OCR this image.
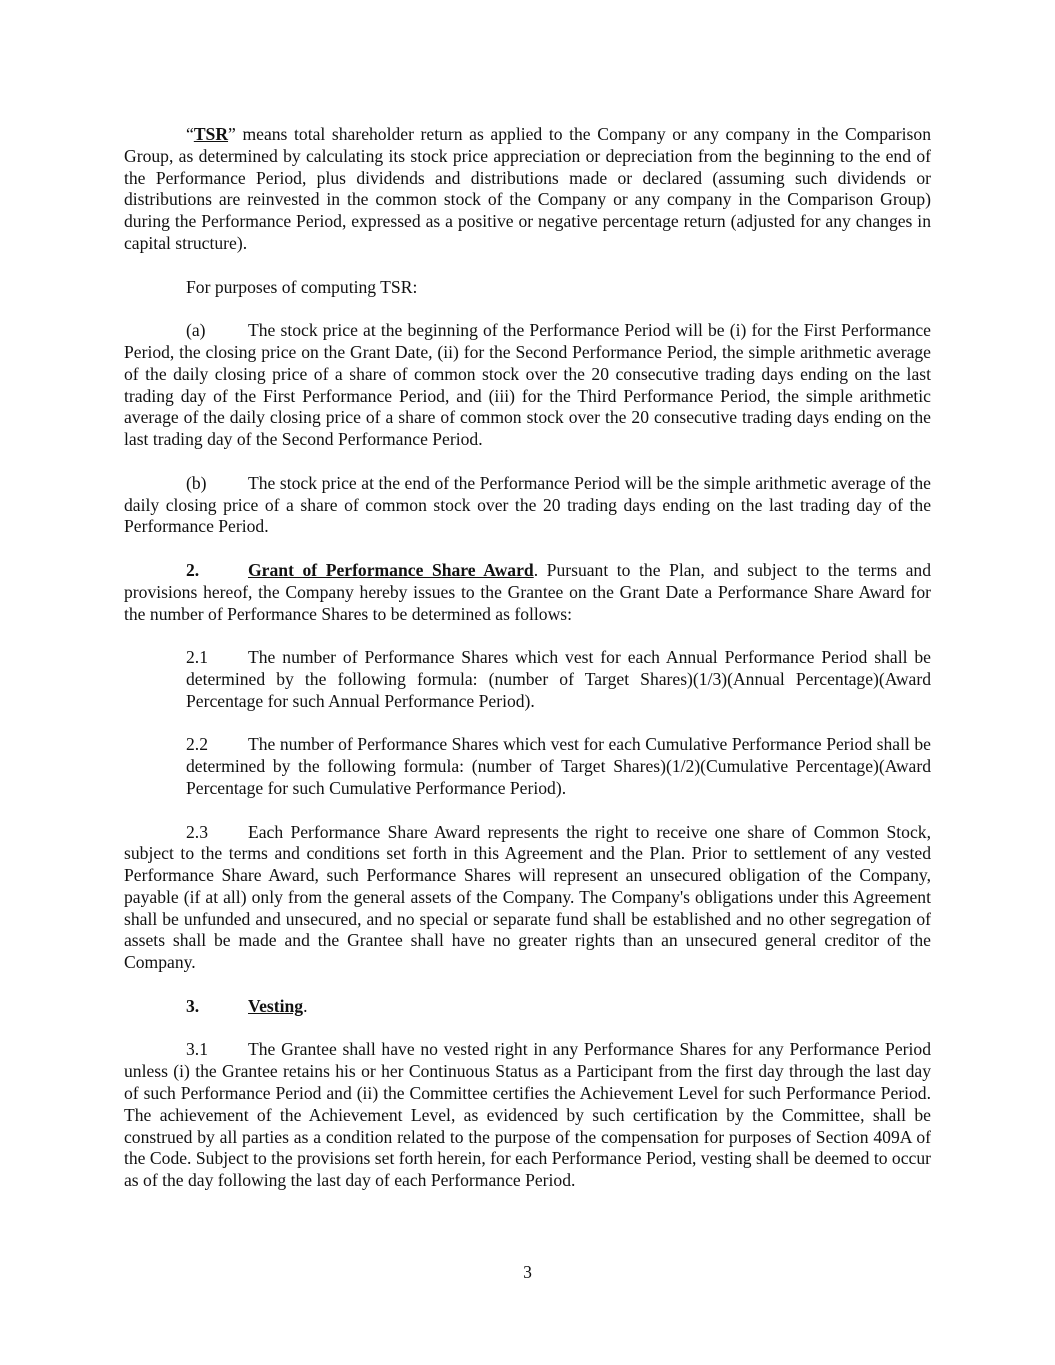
“TSR” means total shareholder return as applied to the Company or any company in the Comparison Group, as determined by calculating its stock price appreciation or depreciation from the beginning to the end of the Performance Period, plus dividends and distributions made or declared (assuming such dividends or distributions are reinvested in the common stock of the Company or any company in the Comparison Group) during the Performance Period, expressed as a positive or negative percentage return (adjusted for any changes in capital structure).

For purposes of computing TSR:

(a) The stock price at the beginning of the Performance Period will be (i) for the First Performance Period, the closing price on the Grant Date, (ii) for the Second Performance Period, the simple arithmetic average of the daily closing price of a share of common stock over the 20 consecutive trading days ending on the last trading day of the First Performance Period, and (iii) for the Third Performance Period, the simple arithmetic average of the daily closing price of a share of common stock over the 20 consecutive trading days ending on the last trading day of the Second Performance Period.

(b) The stock price at the end of the Performance Period will be the simple arithmetic average of the daily closing price of a share of common stock over the 20 trading days ending on the last trading day of the Performance Period.

2.	Grant of Performance Share Award. Pursuant to the Plan, and subject to the terms and provisions hereof, the Company hereby issues to the Grantee on the Grant Date a Performance Share Award for the number of Performance Shares to be determined as follows:

2.1 The number of Performance Shares which vest for each Annual Performance Period shall be determined by the following formula: (number of Target Shares)(1/3)(Annual Percentage)(Award Percentage for such Annual Performance Period).

2.2 The number of Performance Shares which vest for each Cumulative Performance Period shall be determined by the following formula: (number of Target Shares)(1/2)(Cumulative Percentage)(Award Percentage for such Cumulative Performance Period).

2.3 Each Performance Share Award represents the right to receive one share of Common Stock, subject to the terms and conditions set forth in this Agreement and the Plan. Prior to settlement of any vested Performance Share Award, such Performance Shares will represent an unsecured obligation of the Company, payable (if at all) only from the general assets of the Company. The Company's obligations under this Agreement shall be unfunded and unsecured, and no special or separate fund shall be established and no other segregation of assets shall be made and the Grantee shall have no greater rights than an unsecured general creditor of the Company.

3.	Vesting.

3.1 The Grantee shall have no vested right in any Performance Shares for any Performance Period unless (i) the Grantee retains his or her Continuous Status as a Participant from the first day through the last day of such Performance Period and (ii) the Committee certifies the Achievement Level for such Performance Period. The achievement of the Achievement Level, as evidenced by such certification by the Committee, shall be construed by all parties as a condition related to the purpose of the compensation for purposes of Section 409A of the Code. Subject to the provisions set forth herein, for each Performance Period, vesting shall be deemed to occur as of the day following the last day of each Performance Period.

3
